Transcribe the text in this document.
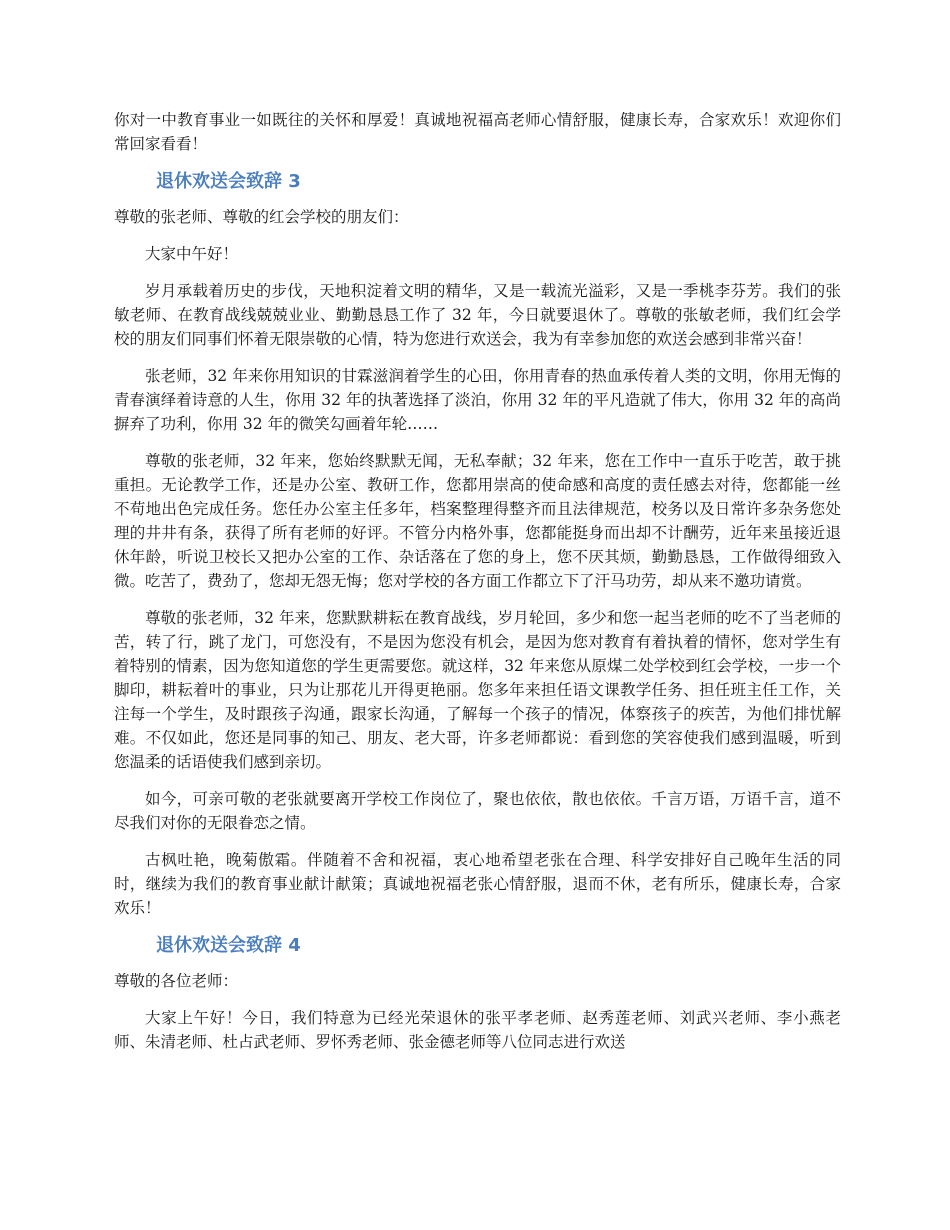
你对一中教育事业一如既往的关怀和厚爱！真诚地祝福高老师心情舒服，健康长寿，合家欢乐！欢迎你们常回家看看！

退休欢送会致辞 3

尊敬的张老师、尊敬的红会学校的朋友们：

大家中午好！

岁月承载着历史的步伐，天地积淀着文明的精华，又是一载流光溢彩，又是一季桃李芬芳。我们的张敏老师、在教育战线兢兢业业、勤勤恳恳工作了 32 年，今日就要退休了。尊敬的张敏老师，我们红会学校的朋友们同事们怀着无限崇敬的心情，特为您进行欢送会，我为有幸参加您的欢送会感到非常兴奋！

张老师，32 年来你用知识的甘霖滋润着学生的心田，你用青春的热血承传着人类的文明，你用无悔的青春演绎着诗意的人生，你用 32 年的执著选择了淡泊，你用 32 年的平凡造就了伟大，你用 32 年的高尚摒弃了功利，你用 32 年的微笑勾画着年轮……

尊敬的张老师，32 年来，您始终默默无闻，无私奉献；32 年来，您在工作中一直乐于吃苦，敢于挑重担。无论教学工作，还是办公室、教研工作，您都用崇高的使命感和高度的责任感去对待，您都能一丝不苟地出色完成任务。您任办公室主任多年，档案整理得整齐而且法律规范，校务以及日常许多杂务您处理的井井有条，获得了所有老师的好评。不管分内格外事，您都能挺身而出却不计酬劳，近年来虽接近退休年龄，听说卫校长又把办公室的工作、杂话落在了您的身上，您不厌其烦，勤勤恳恳，工作做得细致入微。吃苦了，费劲了，您却无怨无悔；您对学校的各方面工作都立下了汗马功劳，却从来不邀功请赏。

尊敬的张老师，32 年来，您默默耕耘在教育战线，岁月轮回，多少和您一起当老师的吃不了当老师的苦，转了行，跳了龙门，可您没有，不是因为您没有机会，是因为您对教育有着执着的情怀，您对学生有着特别的情素，因为您知道您的学生更需要您。就这样，32 年来您从原煤二处学校到红会学校，一步一个脚印，耕耘着叶的事业，只为让那花儿开得更艳丽。您多年来担任语文课教学任务、担任班主任工作，关注每一个学生，及时跟孩子沟通，跟家长沟通，了解每一个孩子的情况，体察孩子的疾苦，为他们排忧解难。不仅如此，您还是同事的知己、朋友、老大哥，许多老师都说：看到您的笑容使我们感到温暖，听到您温柔的话语使我们感到亲切。

如今，可亲可敬的老张就要离开学校工作岗位了，聚也依依，散也依依。千言万语，万语千言，道不尽我们对你的无限眷恋之情。

古枫吐艳，晚菊傲霜。伴随着不舍和祝福，衷心地希望老张在合理、科学安排好自己晚年生活的同时，继续为我们的教育事业献计献策；真诚地祝福老张心情舒服，退而不休，老有所乐，健康长寿，合家欢乐！

退休欢送会致辞 4

尊敬的各位老师：

大家上午好！今日，我们特意为已经光荣退休的张平孝老师、赵秀莲老师、刘武兴老师、李小燕老师、朱清老师、杜占武老师、罗怀秀老师、张金德老师等八位同志进行欢送
